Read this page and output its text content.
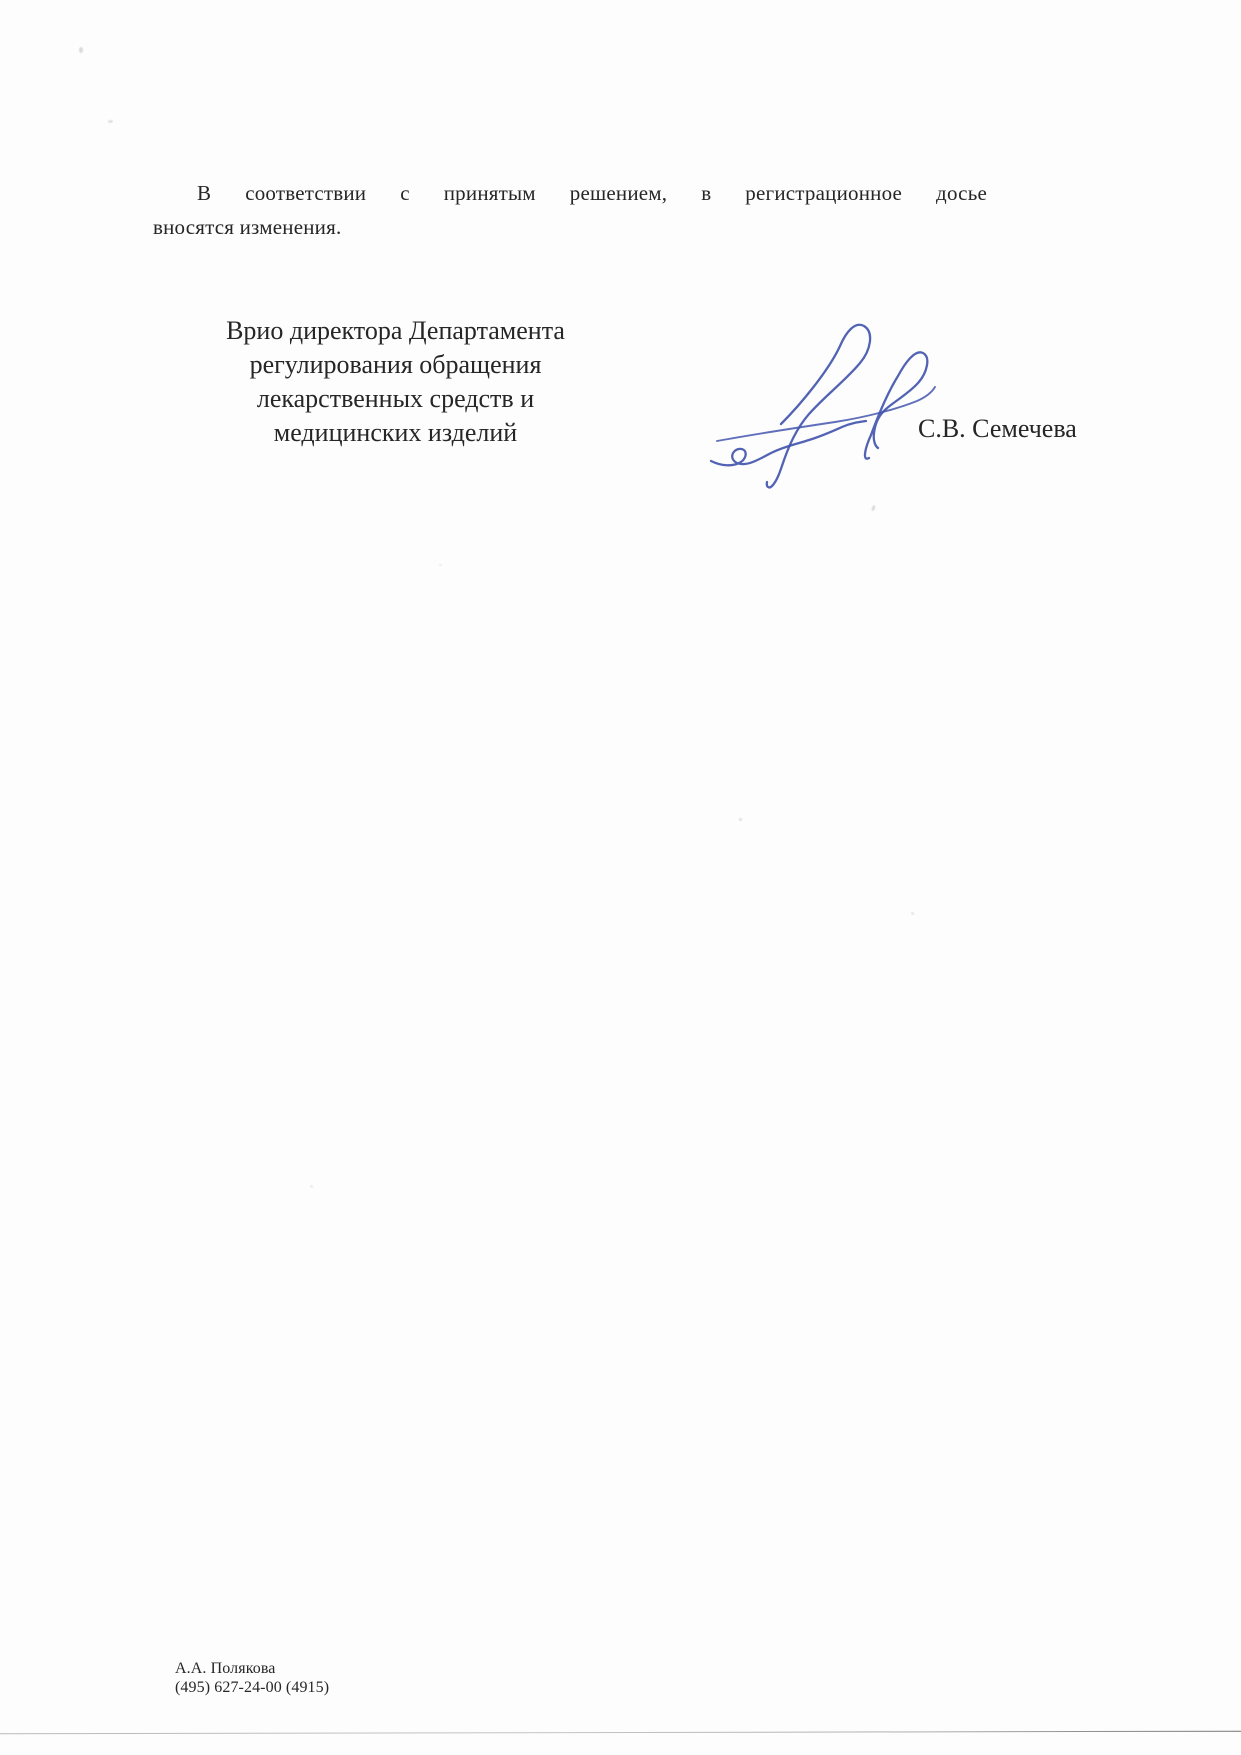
В соответствии с принятым решением, в регистрационное досье
вносятся изменения.
Врио директора Департамента
регулирования обращения
лекарственных средств и
медицинских изделий	С.В. Семечева
А.А. Полякова
(495) 627-24-00 (4915)
